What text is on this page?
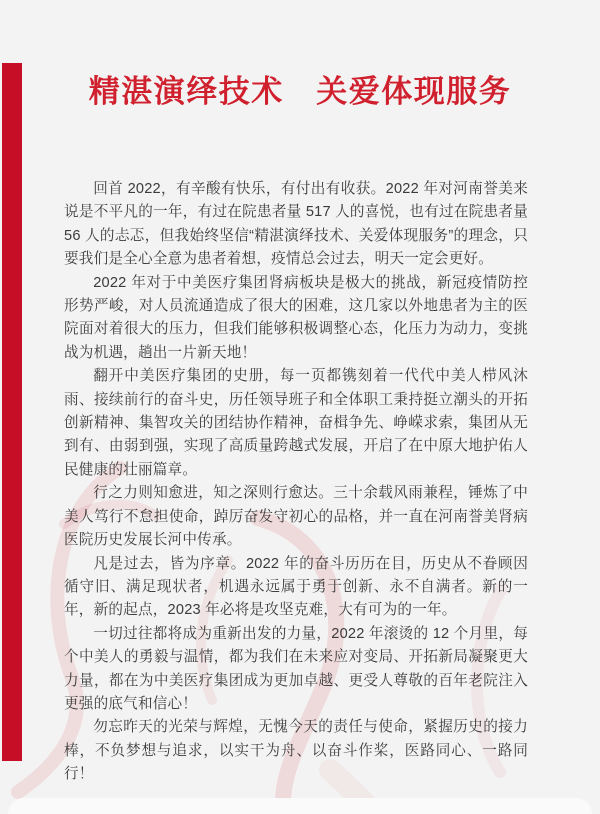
精湛演绎技术　关爱体现服务

回首 2022，有辛酸有快乐，有付出有收获。2022 年对河南誉美来说是不平凡的一年，有过在院患者量 517 人的喜悦，也有过在院患者量 56 人的忐忑，但我始终坚信“精湛演绎技术、关爱体现服务”的理念，只要我们是全心全意为患者着想，疫情总会过去，明天一定会更好。

2022 年对于中美医疗集团肾病板块是极大的挑战，新冠疫情防控形势严峻，对人员流通造成了很大的困难，这几家以外地患者为主的医院面对着很大的压力，但我们能够积极调整心态，化压力为动力，变挑战为机遇，趟出一片新天地！

翻开中美医疗集团的史册，每一页都镌刻着一代代中美人栉风沐雨、接续前行的奋斗史，历任领导班子和全体职工秉持挺立潮头的开拓创新精神、集智攻关的团结协作精神，奋楫争先、峥嵘求索，集团从无到有、由弱到强，实现了高质量跨越式发展，开启了在中原大地护佑人民健康的壮丽篇章。

行之力则知愈进，知之深则行愈达。三十余载风雨兼程，锤炼了中美人笃行不怠担使命，踔厉奋发守初心的品格，并一直在河南誉美肾病医院历史发展长河中传承。

凡是过去，皆为序章。2022 年的奋斗历历在目，历史从不眷顾因循守旧、满足现状者，机遇永远属于勇于创新、永不自满者。新的一年，新的起点，2023 年必将是攻坚克难，大有可为的一年。

一切过往都将成为重新出发的力量，2022 年滚烫的 12 个月里，每个中美人的勇毅与温情，都为我们在未来应对变局、开拓新局凝聚更大力量，都在为中美医疗集团成为更加卓越、更受人尊敬的百年老院注入更强的底气和信心！

勿忘昨天的光荣与辉煌，无愧今天的责任与使命，紧握历史的接力棒，不负梦想与追求，以实干为舟、以奋斗作桨，医路同心、一路同行！
